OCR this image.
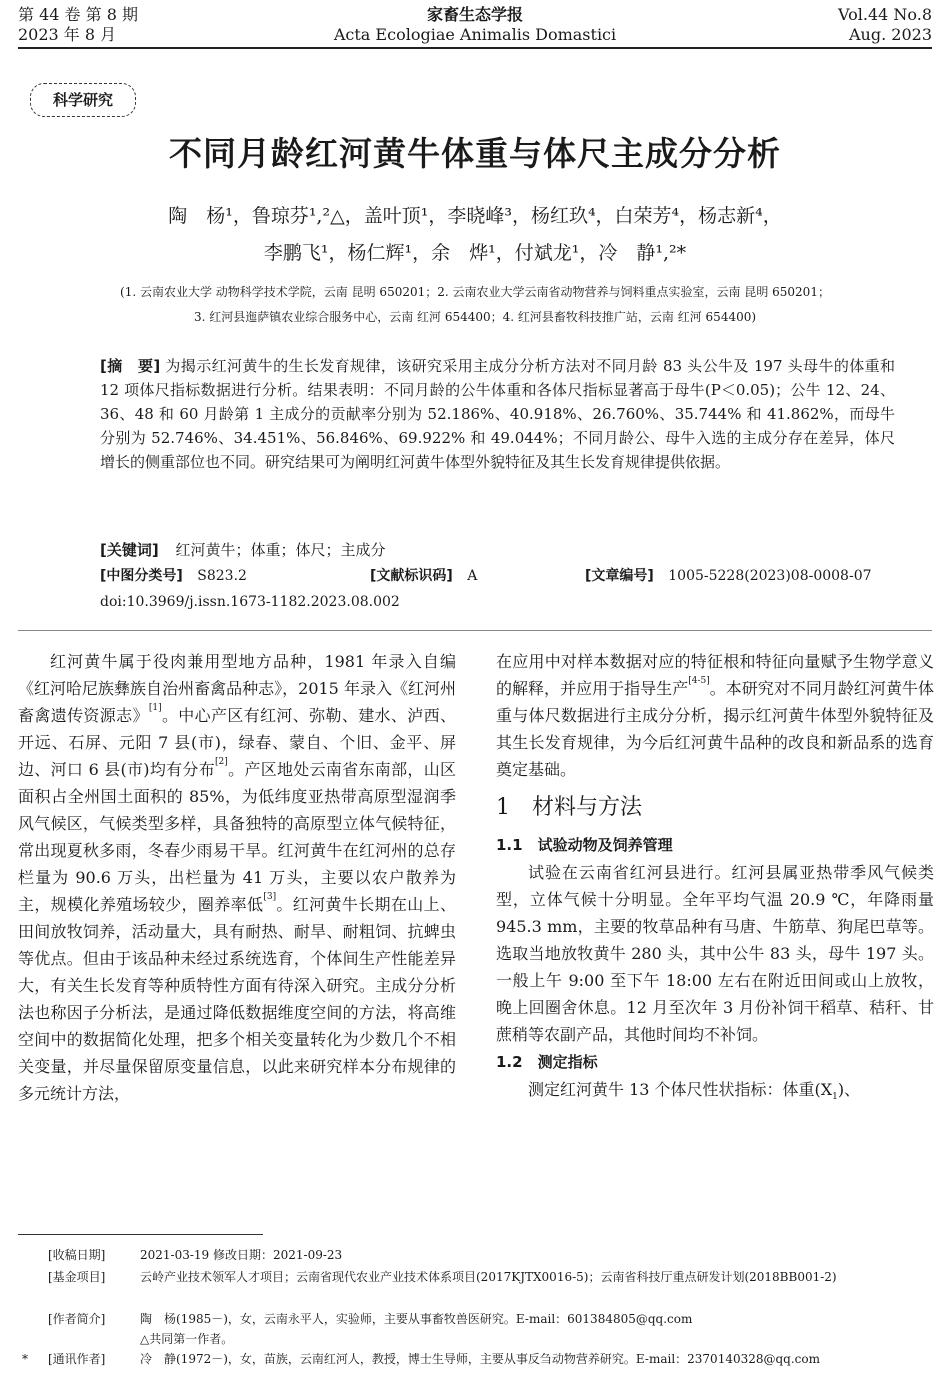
第 44 卷 第 8 期
2023 年 8 月
家畜生态学报
Acta Ecologiae Animalis Domastici
Vol.44 No.8
Aug. 2023
科学研究
不同月龄红河黄牛体重与体尺主成分分析
陶　杨¹，鲁琼芬¹,²△，盖叶顶¹，李晓峰³，杨红玖⁴，白荣芳⁴，杨志新⁴，
李鹏飞¹，杨仁辉¹，余　烨¹，付斌龙¹，冷　静¹,²*
(1. 云南农业大学 动物科学技术学院，云南 昆明 650201；2. 云南农业大学云南省动物营养与饲料重点实验室，云南 昆明 650201；
3. 红河县迤萨镇农业综合服务中心，云南 红河 654400；4. 红河县畜牧科技推广站，云南 红河 654400)
[摘　要] 为揭示红河黄牛的生长发育规律，该研究采用主成分分析方法对不同月龄 83 头公牛及 197 头母牛的体重和 12 项体尺指标数据进行分析。结果表明：不同月龄的公牛体重和各体尺指标显著高于母牛(P＜0.05)；公牛 12、24、36、48 和 60 月龄第 1 主成分的贡献率分别为 52.186%、40.918%、26.760%、35.744% 和 41.862%，而母牛分别为 52.746%、34.451%、56.846%、69.922% 和 49.044%；不同月龄公、母牛入选的主成分存在差异，体尺增长的侧重部位也不同。研究结果可为阐明红河黄牛体型外貌特征及其生长发育规律提供依据。
[关键词] 红河黄牛；体重；体尺；主成分
[中图分类号] S823.2	[文献标识码] A	[文章编号] 1005-5228(2023)08-0008-07
doi:10.3969/j.issn.1673-1182.2023.08.002

红河黄牛属于役肉兼用型地方品种，1981 年录入自编《红河哈尼族彝族自治州畜禽品种志》，2015 年录入《红河州畜禽遗传资源志》[1]。中心产区有红河、弥勒、建水、泸西、开远、石屏、元阳 7 县(市)，绿春、蒙自、个旧、金平、屏边、河口 6 县(市)均有分布[2]。产区地处云南省东南部，山区面积占全州国土面积的 85%，为低纬度亚热带高原型湿润季风气候区，气候类型多样，具备独特的高原型立体气候特征，常出现夏秋多雨，冬春少雨易干旱。红河黄牛在红河州的总存栏量为 90.6 万头，出栏量为 41 万头，主要以农户散养为主，规模化养殖场较少，圈养率低[3]。红河黄牛长期在山上、田间放牧饲养，活动量大，具有耐热、耐旱、耐粗饲、抗蜱虫等优点。但由于该品种未经过系统选育，个体间生产性能差异大，有关生长发育等种质特性方面有待深入研究。主成分分析法也称因子分析法，是通过降低数据维度空间的方法，将高维空间中的数据简化处理，把多个相关变量转化为少数几个不相关变量，并尽量保留原变量信息，以此来研究样本分布规律的多元统计方法，

在应用中对样本数据对应的特征根和特征向量赋予生物学意义的解释，并应用于指导生产[4-5]。本研究对不同月龄红河黄牛体重与体尺数据进行主成分分析，揭示红河黄牛体型外貌特征及其生长发育规律，为今后红河黄牛品种的改良和新品系的选育奠定基础。

1　材料与方法
1.1　试验动物及饲养管理

试验在云南省红河县进行。红河县属亚热带季风气候类型，立体气候十分明显。全年平均气温 20.9 ℃，年降雨量 945.3 mm，主要的牧草品种有马唐、牛筋草、狗尾巴草等。选取当地放牧黄牛 280 头，其中公牛 83 头，母牛 197 头。一般上午 9:00 至下午 18:00 左右在附近田间或山上放牧，晚上回圈舍休息。12 月至次年 3 月份补饲干稻草、秸秆、甘蔗稍等农副产品，其他时间均不补饲。

1.2　测定指标

测定红河黄牛 13 个体尺性状指标：体重$(X_1)$、

[收稿日期]	2021-03-19 修改日期：2021-09-23
[基金项目]	云岭产业技术领军人才项目；云南省现代农业产业技术体系项目(2017KJTX0016-5)；云南省科技厅重点研发计划(2018BB001-2)
[作者简介]	陶　杨(1985－)，女，云南永平人，实验师，主要从事畜牧兽医研究。E-mail：601384805@qq.com
△共同第一作者。
* [通讯作者]	冷　静(1972－)，女，苗族，云南红河人，教授，博士生导师，主要从事反刍动物营养研究。E-mail：2370140328@qq.com
